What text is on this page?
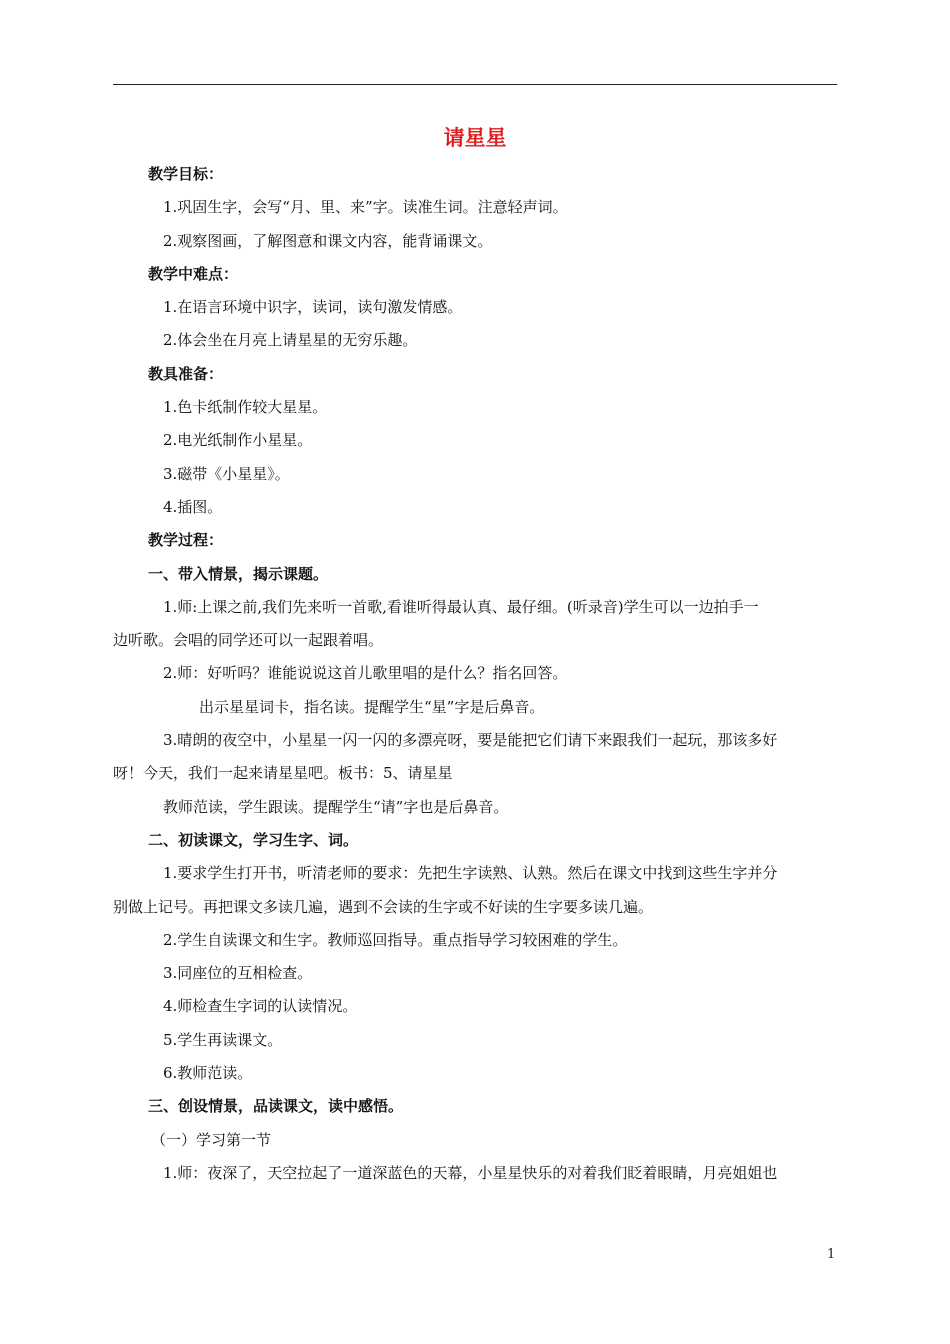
请星星
教学目标：
1.巩固生字，会写“月、里、来”字。读准生词。注意轻声词。
2.观察图画，了解图意和课文内容，能背诵课文。
教学中难点：
1.在语言环境中识字，读词，读句激发情感。
2.体会坐在月亮上请星星的无穷乐趣。
教具准备：
1.色卡纸制作较大星星。
2.电光纸制作小星星。
3.磁带《小星星》。
4.插图。
教学过程：
一、带入情景，揭示课题。
1.师:上课之前,我们先来听一首歌,看谁听得最认真、最仔细。(听录音)学生可以一边拍手一
边听歌。会唱的同学还可以一起跟着唱。
2.师：好听吗？谁能说说这首儿歌里唱的是什么？指名回答。
出示星星词卡，指名读。提醒学生“星”字是后鼻音。
3.晴朗的夜空中，小星星一闪一闪的多漂亮呀，要是能把它们请下来跟我们一起玩，那该多好
呀！今天，我们一起来请星星吧。板书：5、请星星
教师范读，学生跟读。提醒学生“请”字也是后鼻音。
二、初读课文，学习生字、词。
1.要求学生打开书，听清老师的要求：先把生字读熟、认熟。然后在课文中找到这些生字并分
别做上记号。再把课文多读几遍，遇到不会读的生字或不好读的生字要多读几遍。
2.学生自读课文和生字。教师巡回指导。重点指导学习较困难的学生。
3.同座位的互相检查。
4.师检查生字词的认读情况。
5.学生再读课文。
6.教师范读。
三、创设情景，品读课文，读中感悟。
（一）学习第一节
1.师：夜深了，天空拉起了一道深蓝色的天幕，小星星快乐的对着我们眨着眼睛，月亮姐姐也
1
